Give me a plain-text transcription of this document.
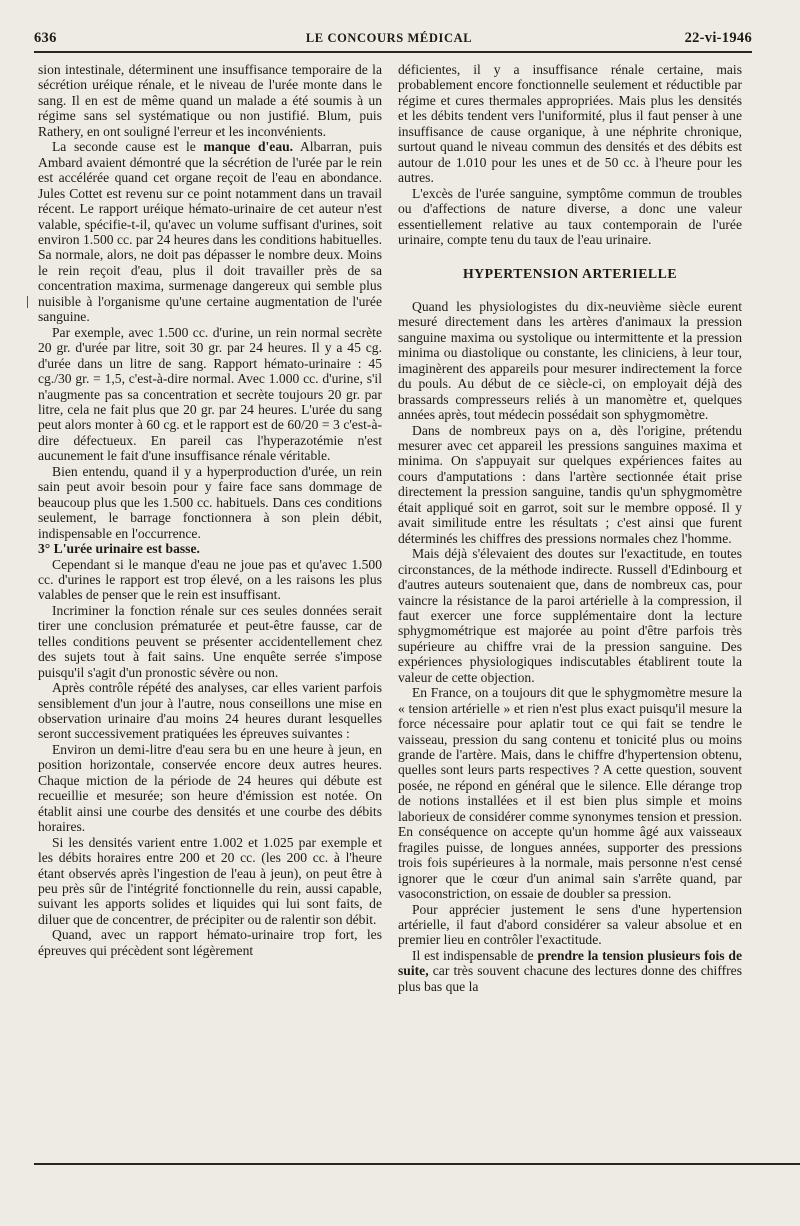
636	LE CONCOURS MÉDICAL	22-vi-1946

sion intestinale, déterminent une insuffisance temporaire de la sécrétion uréique rénale, et le niveau de l'urée monte dans le sang. Il en est de même quand un malade a été soumis à un régime sans sel systématique ou non justifié. Blum, puis Rathery, en ont souligné l'erreur et les inconvénients.

La seconde cause est le manque d'eau. Albarran, puis Ambard avaient démontré que la sécrétion de l'urée par le rein est accélérée quand cet organe reçoit de l'eau en abondance. Jules Cottet est revenu sur ce point notamment dans un travail récent. Le rapport uréique hémato-urinaire de cet auteur n'est valable, spécifie-t-il, qu'avec un volume suffisant d'urines, soit environ 1.500 cc. par 24 heures dans les conditions habituelles. Sa normale, alors, ne doit pas dépasser le nombre deux. Moins le rein reçoit d'eau, plus il doit travailler près de sa concentration maxima, surmenage dangereux qui semble plus nuisible à l'organisme qu'une certaine augmentation de l'urée sanguine.

Par exemple, avec 1.500 cc. d'urine, un rein normal secrète 20 gr. d'urée par litre, soit 30 gr. par 24 heures. Il y a 45 cg. d'urée dans un litre de sang. Rapport hémato-urinaire : 45 cg./30 gr. = 1,5, c'est-à-dire normal. Avec 1.000 cc. d'urine, s'il n'augmente pas sa concentration et secrète toujours 20 gr. par litre, cela ne fait plus que 20 gr. par 24 heures. L'urée du sang peut alors monter à 60 cg. et le rapport est de 60/20 = 3 c'est-à-dire défectueux. En pareil cas l'hyperazotémie n'est aucunement le fait d'une insuffisance rénale véritable.

Bien entendu, quand il y a hyperproduction d'urée, un rein sain peut avoir besoin pour y faire face sans dommage de beaucoup plus que les 1.500 cc. habituels. Dans ces conditions seulement, le barrage fonctionnera à son plein débit, indispensable en l'occurrence.

3° L'urée urinaire est basse.

Cependant si le manque d'eau ne joue pas et qu'avec 1.500 cc. d'urines le rapport est trop élevé, on a les raisons les plus valables de penser que le rein est insuffisant.

Incriminer la fonction rénale sur ces seules données serait tirer une conclusion prématurée et peut-être fausse, car de telles conditions peuvent se présenter accidentellement chez des sujets tout à fait sains. Une enquête serrée s'impose puisqu'il s'agit d'un pronostic sévère ou non.

Après contrôle répété des analyses, car elles varient parfois sensiblement d'un jour à l'autre, nous conseillons une mise en observation urinaire d'au moins 24 heures durant lesquelles seront successivement pratiquées les épreuves suivantes :

Environ un demi-litre d'eau sera bu en une heure à jeun, en position horizontale, conservée encore deux autres heures. Chaque miction de la période de 24 heures qui débute est recueillie et mesurée; son heure d'émission est notée. On établit ainsi une courbe des densités et une courbe des débits horaires.

Si les densités varient entre 1.002 et 1.025 par exemple et les débits horaires entre 200 et 20 cc. (les 200 cc. à l'heure étant observés après l'ingestion de l'eau à jeun), on peut être à peu près sûr de l'intégrité fonctionnelle du rein, aussi capable, suivant les apports solides et liquides qui lui sont faits, de diluer que de concentrer, de précipiter ou de ralentir son débit.

Quand, avec un rapport hémato-urinaire trop fort, les épreuves qui précèdent sont légèrement

déficientes, il y a insuffisance rénale certaine, mais probablement encore fonctionnelle seulement et réductible par régime et cures thermales appropriées. Mais plus les densités et les débits tendent vers l'uniformité, plus il faut penser à une insuffisance de cause organique, à une néphrite chronique, surtout quand le niveau commun des densités et des débits est autour de 1.010 pour les unes et de 50 cc. à l'heure pour les autres.

L'excès de l'urée sanguine, symptôme commun de troubles ou d'affections de nature diverse, a donc une valeur essentiellement relative au taux contemporain de l'urée urinaire, compte tenu du taux de l'eau urinaire.

HYPERTENSION ARTERIELLE

Quand les physiologistes du dix-neuvième siècle eurent mesuré directement dans les artères d'animaux la pression sanguine maxima ou systolique ou intermittente et la pression minima ou diastolique ou constante, les cliniciens, à leur tour, imaginèrent des appareils pour mesurer indirectement la force du pouls. Au début de ce siècle-ci, on employait déjà des brassards compresseurs reliés à un manomètre et, quelques années après, tout médecin possédait son sphygmomètre.

Dans de nombreux pays on a, dès l'origine, prétendu mesurer avec cet appareil les pressions sanguines maxima et minima. On s'appuyait sur quelques expériences faites au cours d'amputations : dans l'artère sectionnée était prise directement la pression sanguine, tandis qu'un sphygmomètre était appliqué soit en garrot, soit sur le membre opposé. Il y avait similitude entre les résultats ; c'est ainsi que furent déterminés les chiffres des pressions normales chez l'homme.

Mais déjà s'élevaient des doutes sur l'exactitude, en toutes circonstances, de la méthode indirecte. Russell d'Edinbourg et d'autres auteurs soutenaient que, dans de nombreux cas, pour vaincre la résistance de la paroi artérielle à la compression, il faut exercer une force supplémentaire dont la lecture sphygmométrique est majorée au point d'être parfois très supérieure au chiffre vrai de la pression sanguine. Des expériences physiologiques indiscutables établirent toute la valeur de cette objection.

En France, on a toujours dit que le sphygmomètre mesure la « tension artérielle » et rien n'est plus exact puisqu'il mesure la force nécessaire pour aplatir tout ce qui fait se tendre le vaisseau, pression du sang contenu et tonicité plus ou moins grande de l'artère. Mais, dans le chiffre d'hypertension obtenu, quelles sont leurs parts respectives ? A cette question, souvent posée, ne répond en général que le silence. Elle dérange trop de notions installées et il est bien plus simple et moins laborieux de considérer comme synonymes tension et pression. En conséquence on accepte qu'un homme âgé aux vaisseaux fragiles puisse, de longues années, supporter des pressions trois fois supérieures à la normale, mais personne n'est censé ignorer que le cœur d'un animal sain s'arrête quand, par vasoconstriction, on essaie de doubler sa pression.

Pour apprécier justement le sens d'une hypertension artérielle, il faut d'abord considérer sa valeur absolue et en premier lieu en contrôler l'exactitude.

Il est indispensable de prendre la tension plusieurs fois de suite, car très souvent chacune des lectures donne des chiffres plus bas que la
